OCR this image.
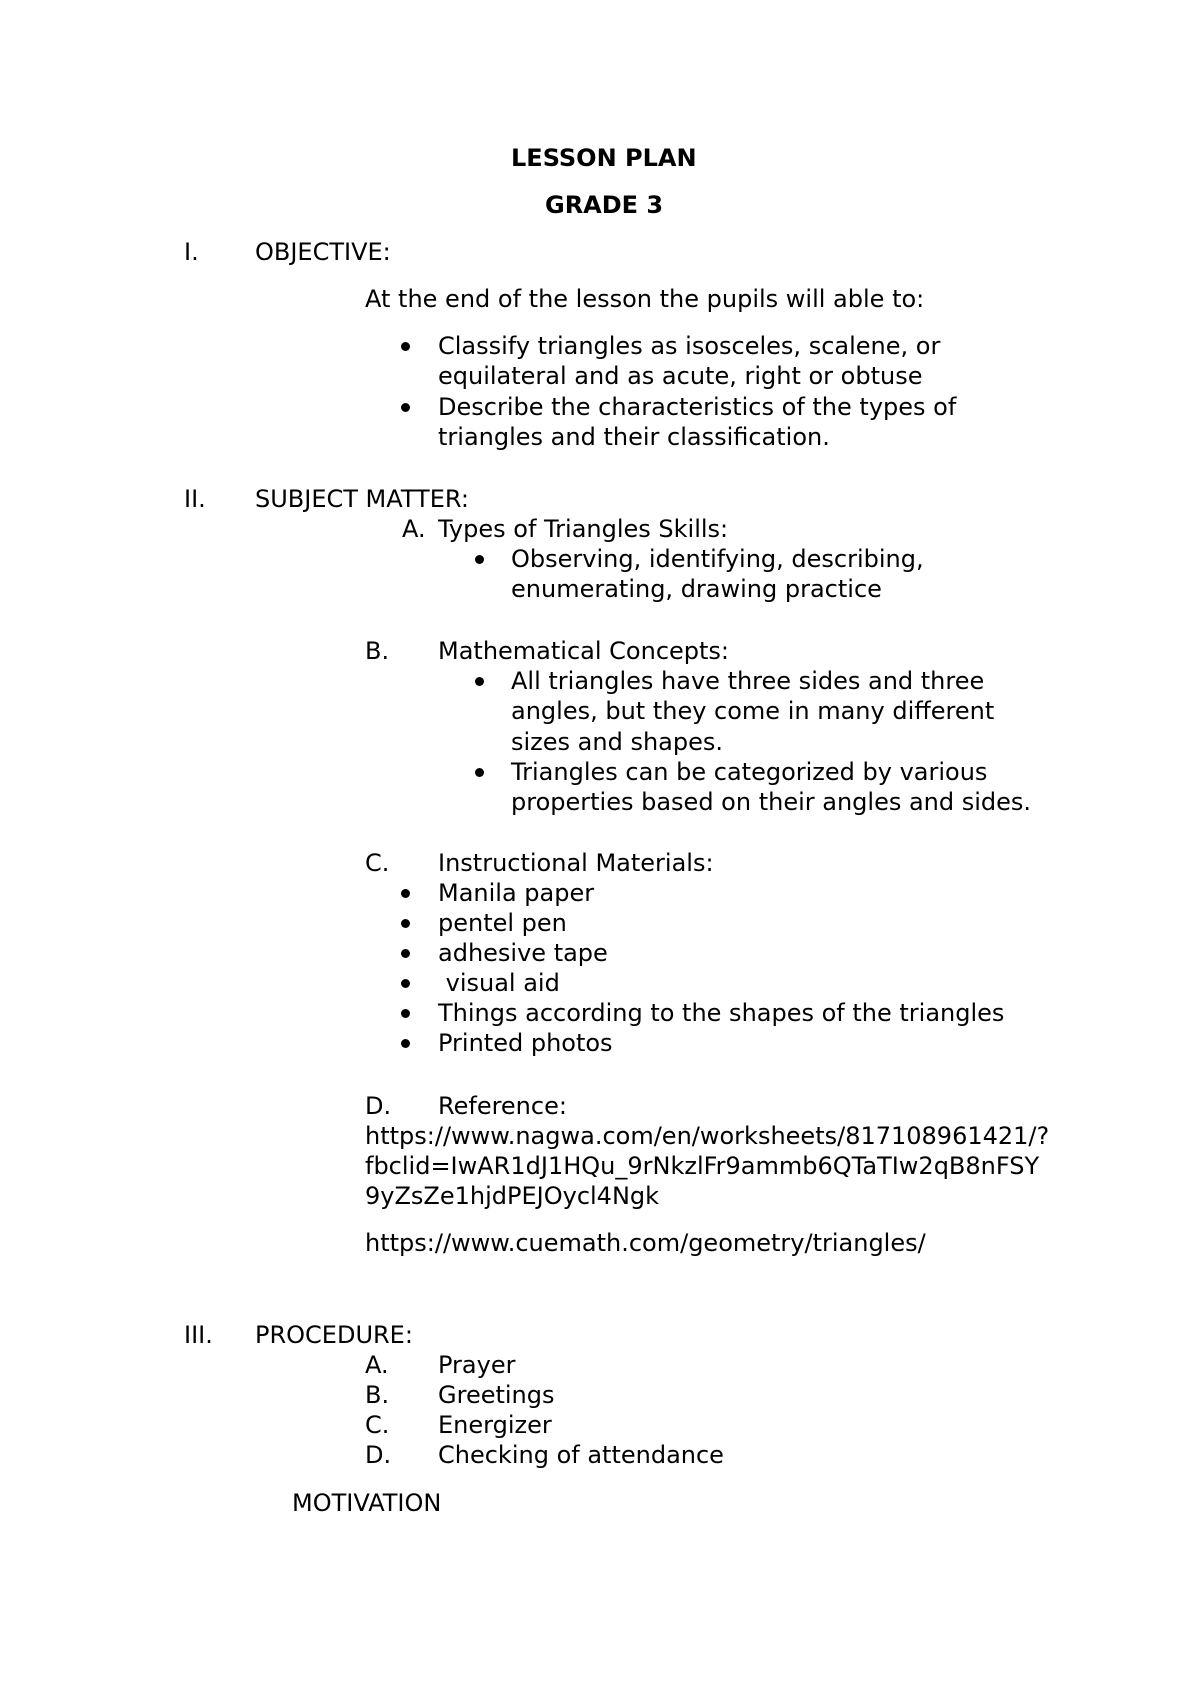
LESSON PLAN
GRADE 3
I. OBJECTIVE:
At the end of the lesson the pupils will able to:
Classify triangles as isosceles, scalene, or
equilateral and as acute, right or obtuse
Describe the characteristics of the types of
triangles and their classification.
II. SUBJECT MATTER:
A. Types of Triangles Skills:
Observing, identifying, describing,
enumerating, drawing practice
B. Mathematical Concepts:
All triangles have three sides and three
angles, but they come in many different
sizes and shapes.
Triangles can be categorized by various
properties based on their angles and sides.
C. Instructional Materials:
Manila paper
pentel pen
adhesive tape
visual aid
Things according to the shapes of the triangles
Printed photos
D. Reference:
https://www.nagwa.com/en/worksheets/817108961421/?
fbclid=IwAR1dJ1HQu_9rNkzlFr9ammb6QTaTIw2qB8nFSY
9yZsZe1hjdPEJOycl4Ngk
https://www.cuemath.com/geometry/triangles/
III. PROCEDURE:
A. Prayer
B. Greetings
C. Energizer
D. Checking of attendance
MOTIVATION
